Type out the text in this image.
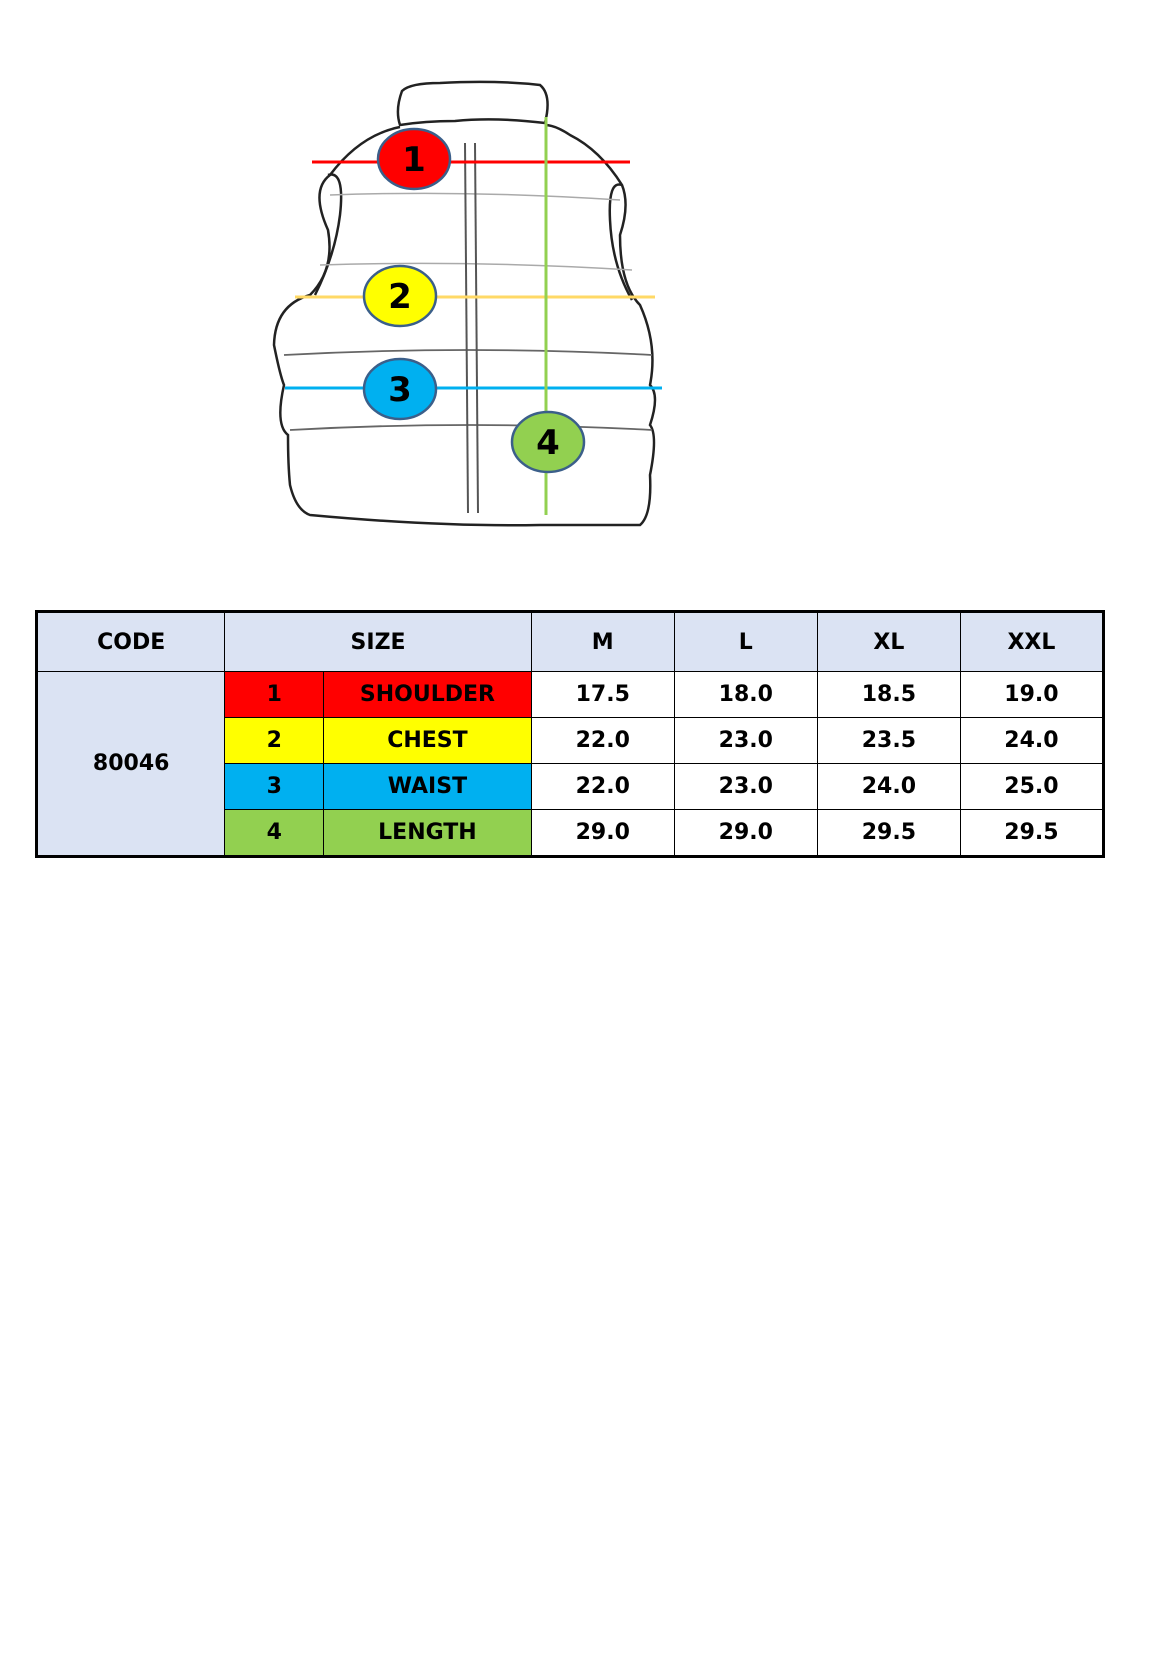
1
2
3
4
CODE	SIZE		M	L	XL	XXL
80046	1	SHOULDER	17.5	18.0	18.5	19.0
	2	CHEST	22.0	23.0	23.5	24.0
	3	WAIST	22.0	23.0	24.0	25.0
	4	LENGTH	29.0	29.0	29.5	29.5
